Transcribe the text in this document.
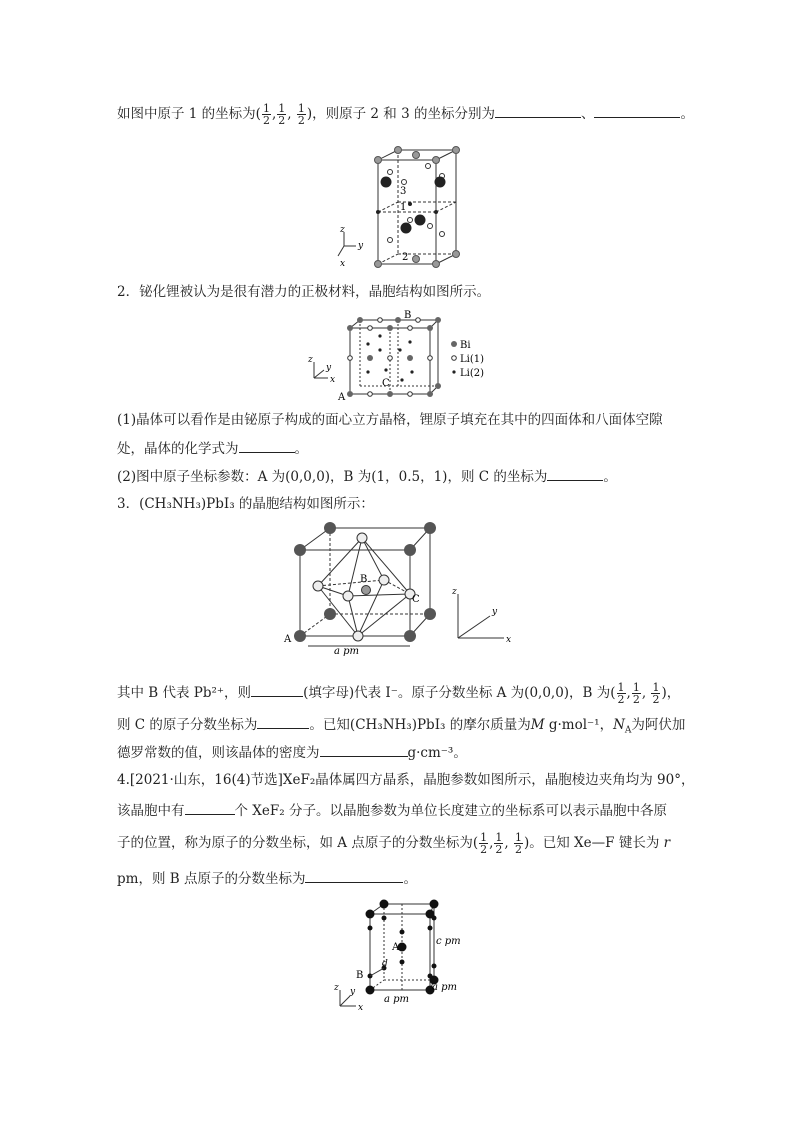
如图中原子 1 的坐标为( $\frac{1}{2}$ , $\frac{1}{2}$ , $\frac{1}{2}$ )，则原子 2 和 3 的坐标分别为	、	。
3
1
2
z
y
x
2．铋化锂被认为是很有潜力的正极材料，晶胞结构如图所示。
B
A
C
z
y
x
Bi
Li(1)
Li(2)
(1)晶体可以看作是由铋原子构成的面心立方晶格，锂原子填充在其中的四面体和八面体空隙
处，晶体的化学式为	。
(2)图中原子坐标参数：A 为(0,0,0)，B 为(1，0.5，1)，则 C 的坐标为	。
3．(CH₃NH₃)PbI₃ 的晶胞结构如图所示：
B
C
A
a pm
z
y
x
其中 B 代表 Pb²⁺，则	(填字母)代表 I⁻。原子分数坐标 A 为(0,0,0)，B 为( $\frac{1}{2}$ , $\frac{1}{2}$ , $\frac{1}{2}$ )，
则 C 的原子分数坐标为	。已知(CH₃NH₃)PbI₃ 的摩尔质量为M g·mol⁻¹，$N_A$为阿伏加
德罗常数的值，则该晶体的密度为	g·cm⁻³。
4.[2021·山东，16(4)节选]XeF₂晶体属四方晶系，晶胞参数如图所示，晶胞棱边夹角均为 90°，
该晶胞中有	个 XeF₂ 分子。以晶胞参数为单位长度建立的坐标系可以表示晶胞中各原
子的位置，称为原子的分数坐标，如 A 点原子的分数坐标为( $\frac{1}{2}$ , $\frac{1}{2}$ , $\frac{1}{2}$ )。已知 Xe—F 键长为 r
pm，则 B 点原子的分数坐标为	。
A
B
d
c pm
a pm
a pm
z y
x
